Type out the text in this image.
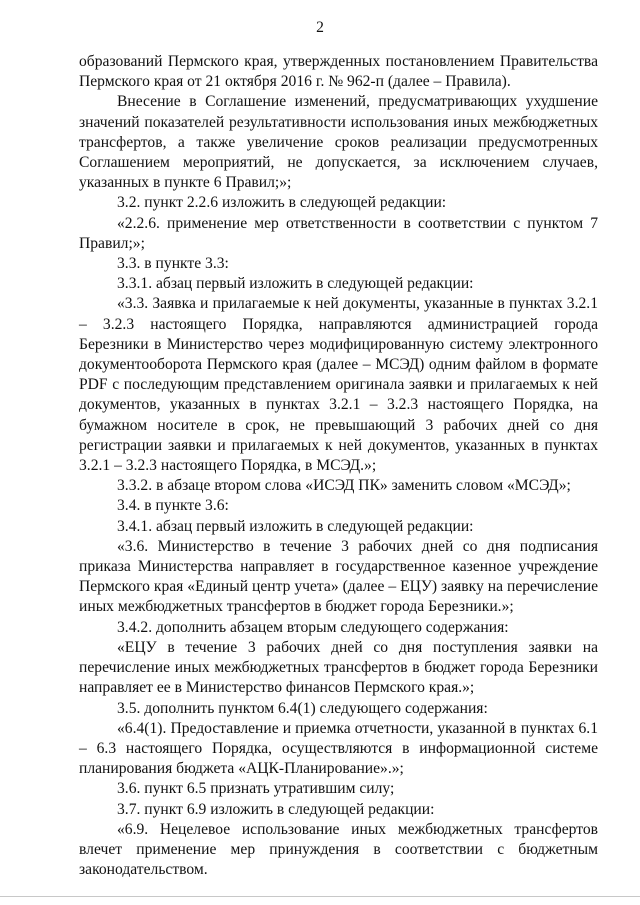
2

образований Пермского края, утвержденных постановлением Правительства Пермского края от 21 октября 2016 г. № 962-п (далее – Правила).

Внесение в Соглашение изменений, предусматривающих ухудшение значений показателей результативности использования иных межбюджетных трансфертов, а также увеличение сроков реализации предусмотренных Соглашением мероприятий, не допускается, за исключением случаев, указанных в пункте 6 Правил;»;

3.2. пункт 2.2.6 изложить в следующей редакции:

«2.2.6. применение мер ответственности в соответствии с пунктом 7 Правил;»;

3.3. в пункте 3.3:

3.3.1. абзац первый изложить в следующей редакции:

«3.3. Заявка и прилагаемые к ней документы, указанные в пунктах 3.2.1 – 3.2.3 настоящего Порядка, направляются администрацией города Березники в Министерство через модифицированную систему электронного документооборота Пермского края (далее – МСЭД) одним файлом в формате PDF с последующим представлением оригинала заявки и прилагаемых к ней документов, указанных в пунктах 3.2.1 – 3.2.3 настоящего Порядка, на бумажном носителе в срок, не превышающий 3 рабочих дней со дня регистрации заявки и прилагаемых к ней документов, указанных в пунктах 3.2.1 – 3.2.3 настоящего Порядка, в МСЭД.»;

3.3.2. в абзаце втором слова «ИСЭД ПК» заменить словом «МСЭД»;

3.4. в пункте 3.6:

3.4.1. абзац первый изложить в следующей редакции:

«3.6. Министерство в течение 3 рабочих дней со дня подписания приказа Министерства направляет в государственное казенное учреждение Пермского края «Единый центр учета» (далее – ЕЦУ) заявку на перечисление иных межбюджетных трансфертов в бюджет города Березники.»;

3.4.2. дополнить абзацем вторым следующего содержания:

«ЕЦУ в течение 3 рабочих дней со дня поступления заявки на перечисление иных межбюджетных трансфертов в бюджет города Березники направляет ее в Министерство финансов Пермского края.»;

3.5. дополнить пунктом 6.4(1) следующего содержания:

«6.4(1). Предоставление и приемка отчетности, указанной в пунктах 6.1 – 6.3 настоящего Порядка, осуществляются в информационной системе планирования бюджета «АЦК-Планирование».»;

3.6. пункт 6.5 признать утратившим силу;

3.7. пункт 6.9 изложить в следующей редакции:

«6.9. Нецелевое использование иных межбюджетных трансфертов влечет применение мер принуждения в соответствии с бюджетным законодательством.
